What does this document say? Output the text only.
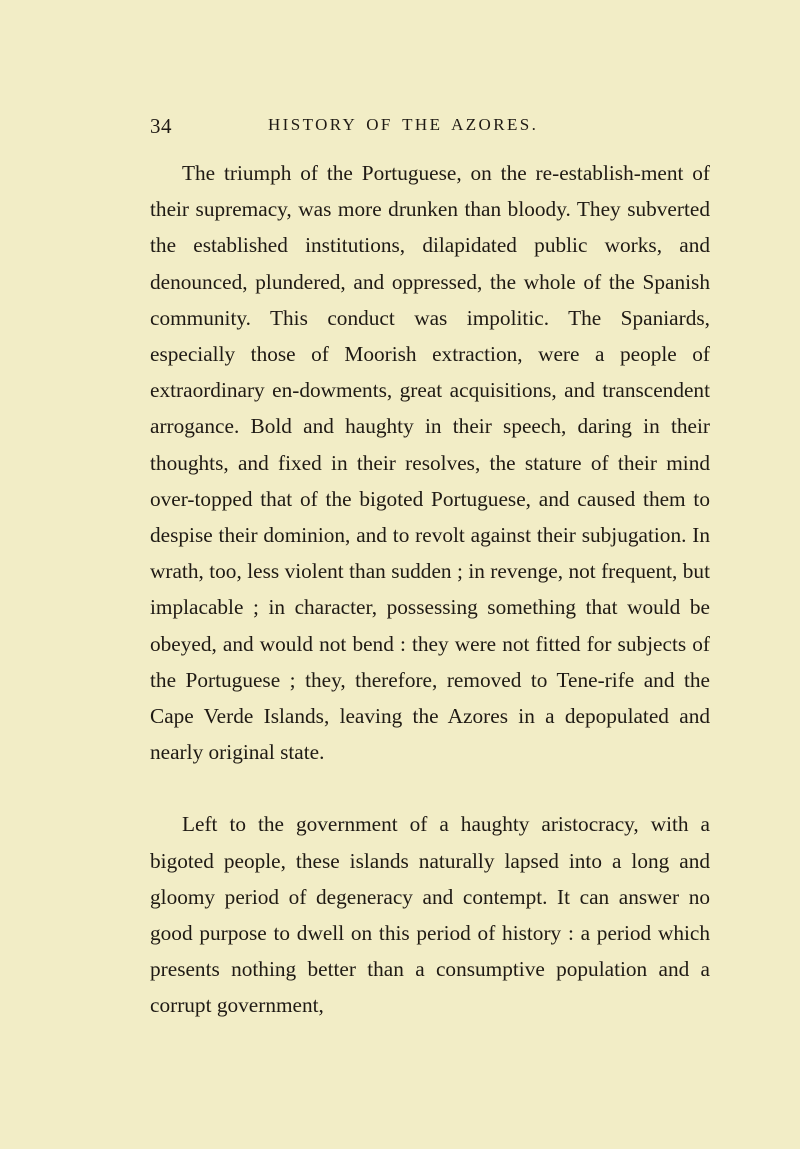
34	HISTORY OF THE AZORES.

The triumph of the Portuguese, on the re-establish-ment of their supremacy, was more drunken than bloody. They subverted the established institutions, dilapidated public works, and denounced, plundered, and oppressed, the whole of the Spanish community. This conduct was impolitic. The Spaniards, especially those of Moorish extraction, were a people of extraordinary en-dowments, great acquisitions, and transcendent arrogance. Bold and haughty in their speech, daring in their thoughts, and fixed in their resolves, the stature of their mind over-topped that of the bigoted Portuguese, and caused them to despise their dominion, and to revolt against their subjugation. In wrath, too, less violent than sudden ; in revenge, not frequent, but implacable ; in character, possessing something that would be obeyed, and would not bend : they were not fitted for subjects of the Portuguese ; they, therefore, removed to Tene-rife and the Cape Verde Islands, leaving the Azores in a depopulated and nearly original state.

Left to the government of a haughty aristocracy, with a bigoted people, these islands naturally lapsed into a long and gloomy period of degeneracy and contempt. It can answer no good purpose to dwell on this period of history : a period which presents nothing better than a consumptive population and a corrupt government,
